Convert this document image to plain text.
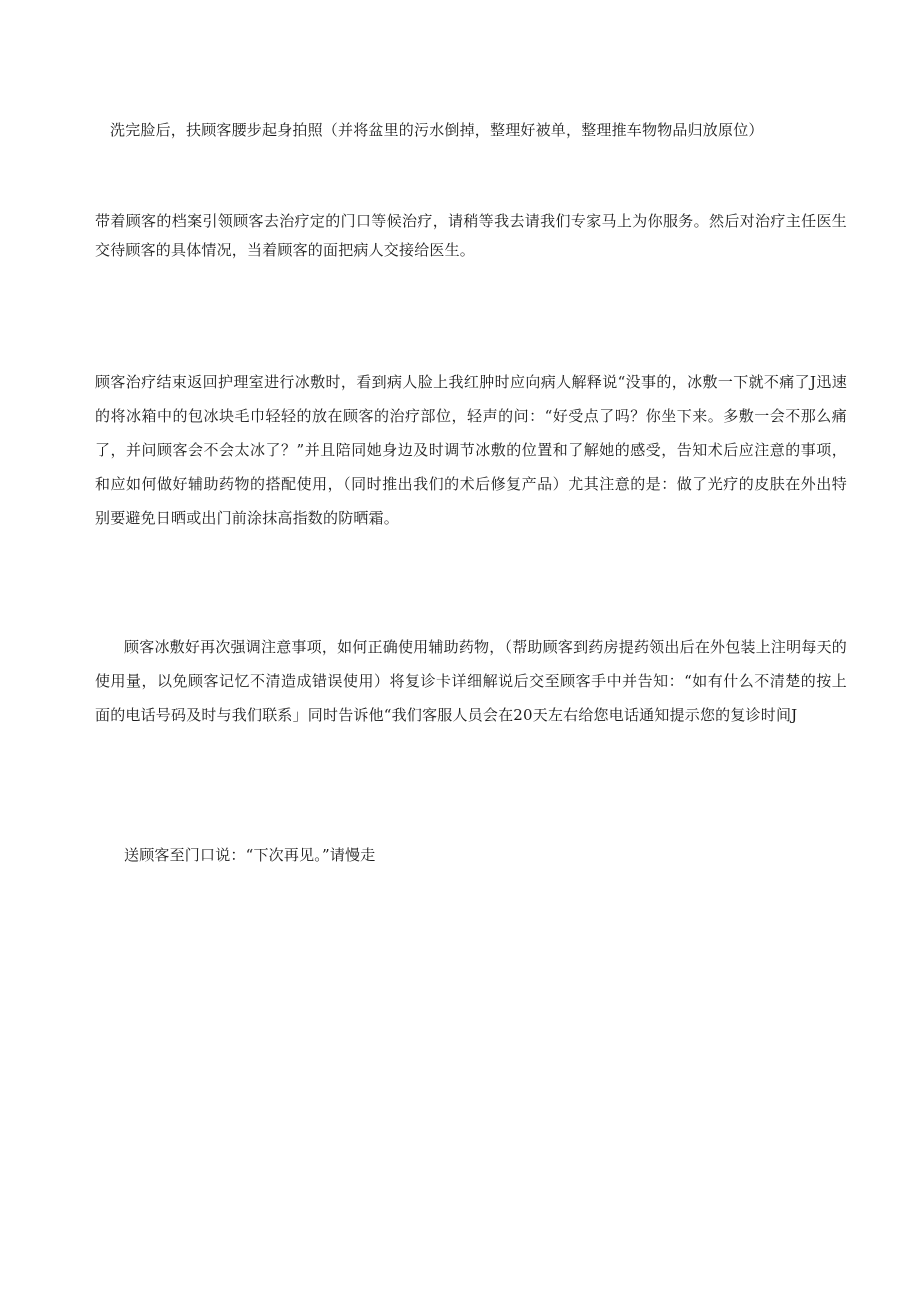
洗完脸后，扶顾客腰步起身拍照（并将盆里的污水倒掉，整理好被单，整理推车物物品归放原位）

带着顾客的档案引领顾客去治疗定的门口等候治疗，请稍等我去请我们专家马上为你服务。然后对治疗主任医生交待顾客的具体情况，当着顾客的面把病人交接给医生。

顾客治疗结束返回护理室进行冰敷时，看到病人脸上我红肿时应向病人解释说“没事的，冰敷一下就不痛了J迅速的将冰箱中的包冰块毛巾轻轻的放在顾客的治疗部位，轻声的问：“好受点了吗？你坐下来。多敷一会不那么痛了，并问顾客会不会太冰了？”并且陪同她身边及时调节冰敷的位置和了解她的感受，告知术后应注意的事项，和应如何做好辅助药物的搭配使用，（同时推出我们的术后修复产品）尤其注意的是：做了光疗的皮肤在外出特别要避免日晒或出门前涂抹高指数的防晒霜。

顾客冰敷好再次强调注意事项，如何正确使用辅助药物，（帮助顾客到药房提药领出后在外包装上注明每天的使用量，以免顾客记忆不清造成错误使用）将复诊卡详细解说后交至顾客手中并告知：“如有什么不清楚的按上面的电话号码及时与我们联系」同时告诉他“我们客服人员会在20天左右给您电话通知提示您的复诊时间J

送顾客至门口说：“下次再见。”请慢走
